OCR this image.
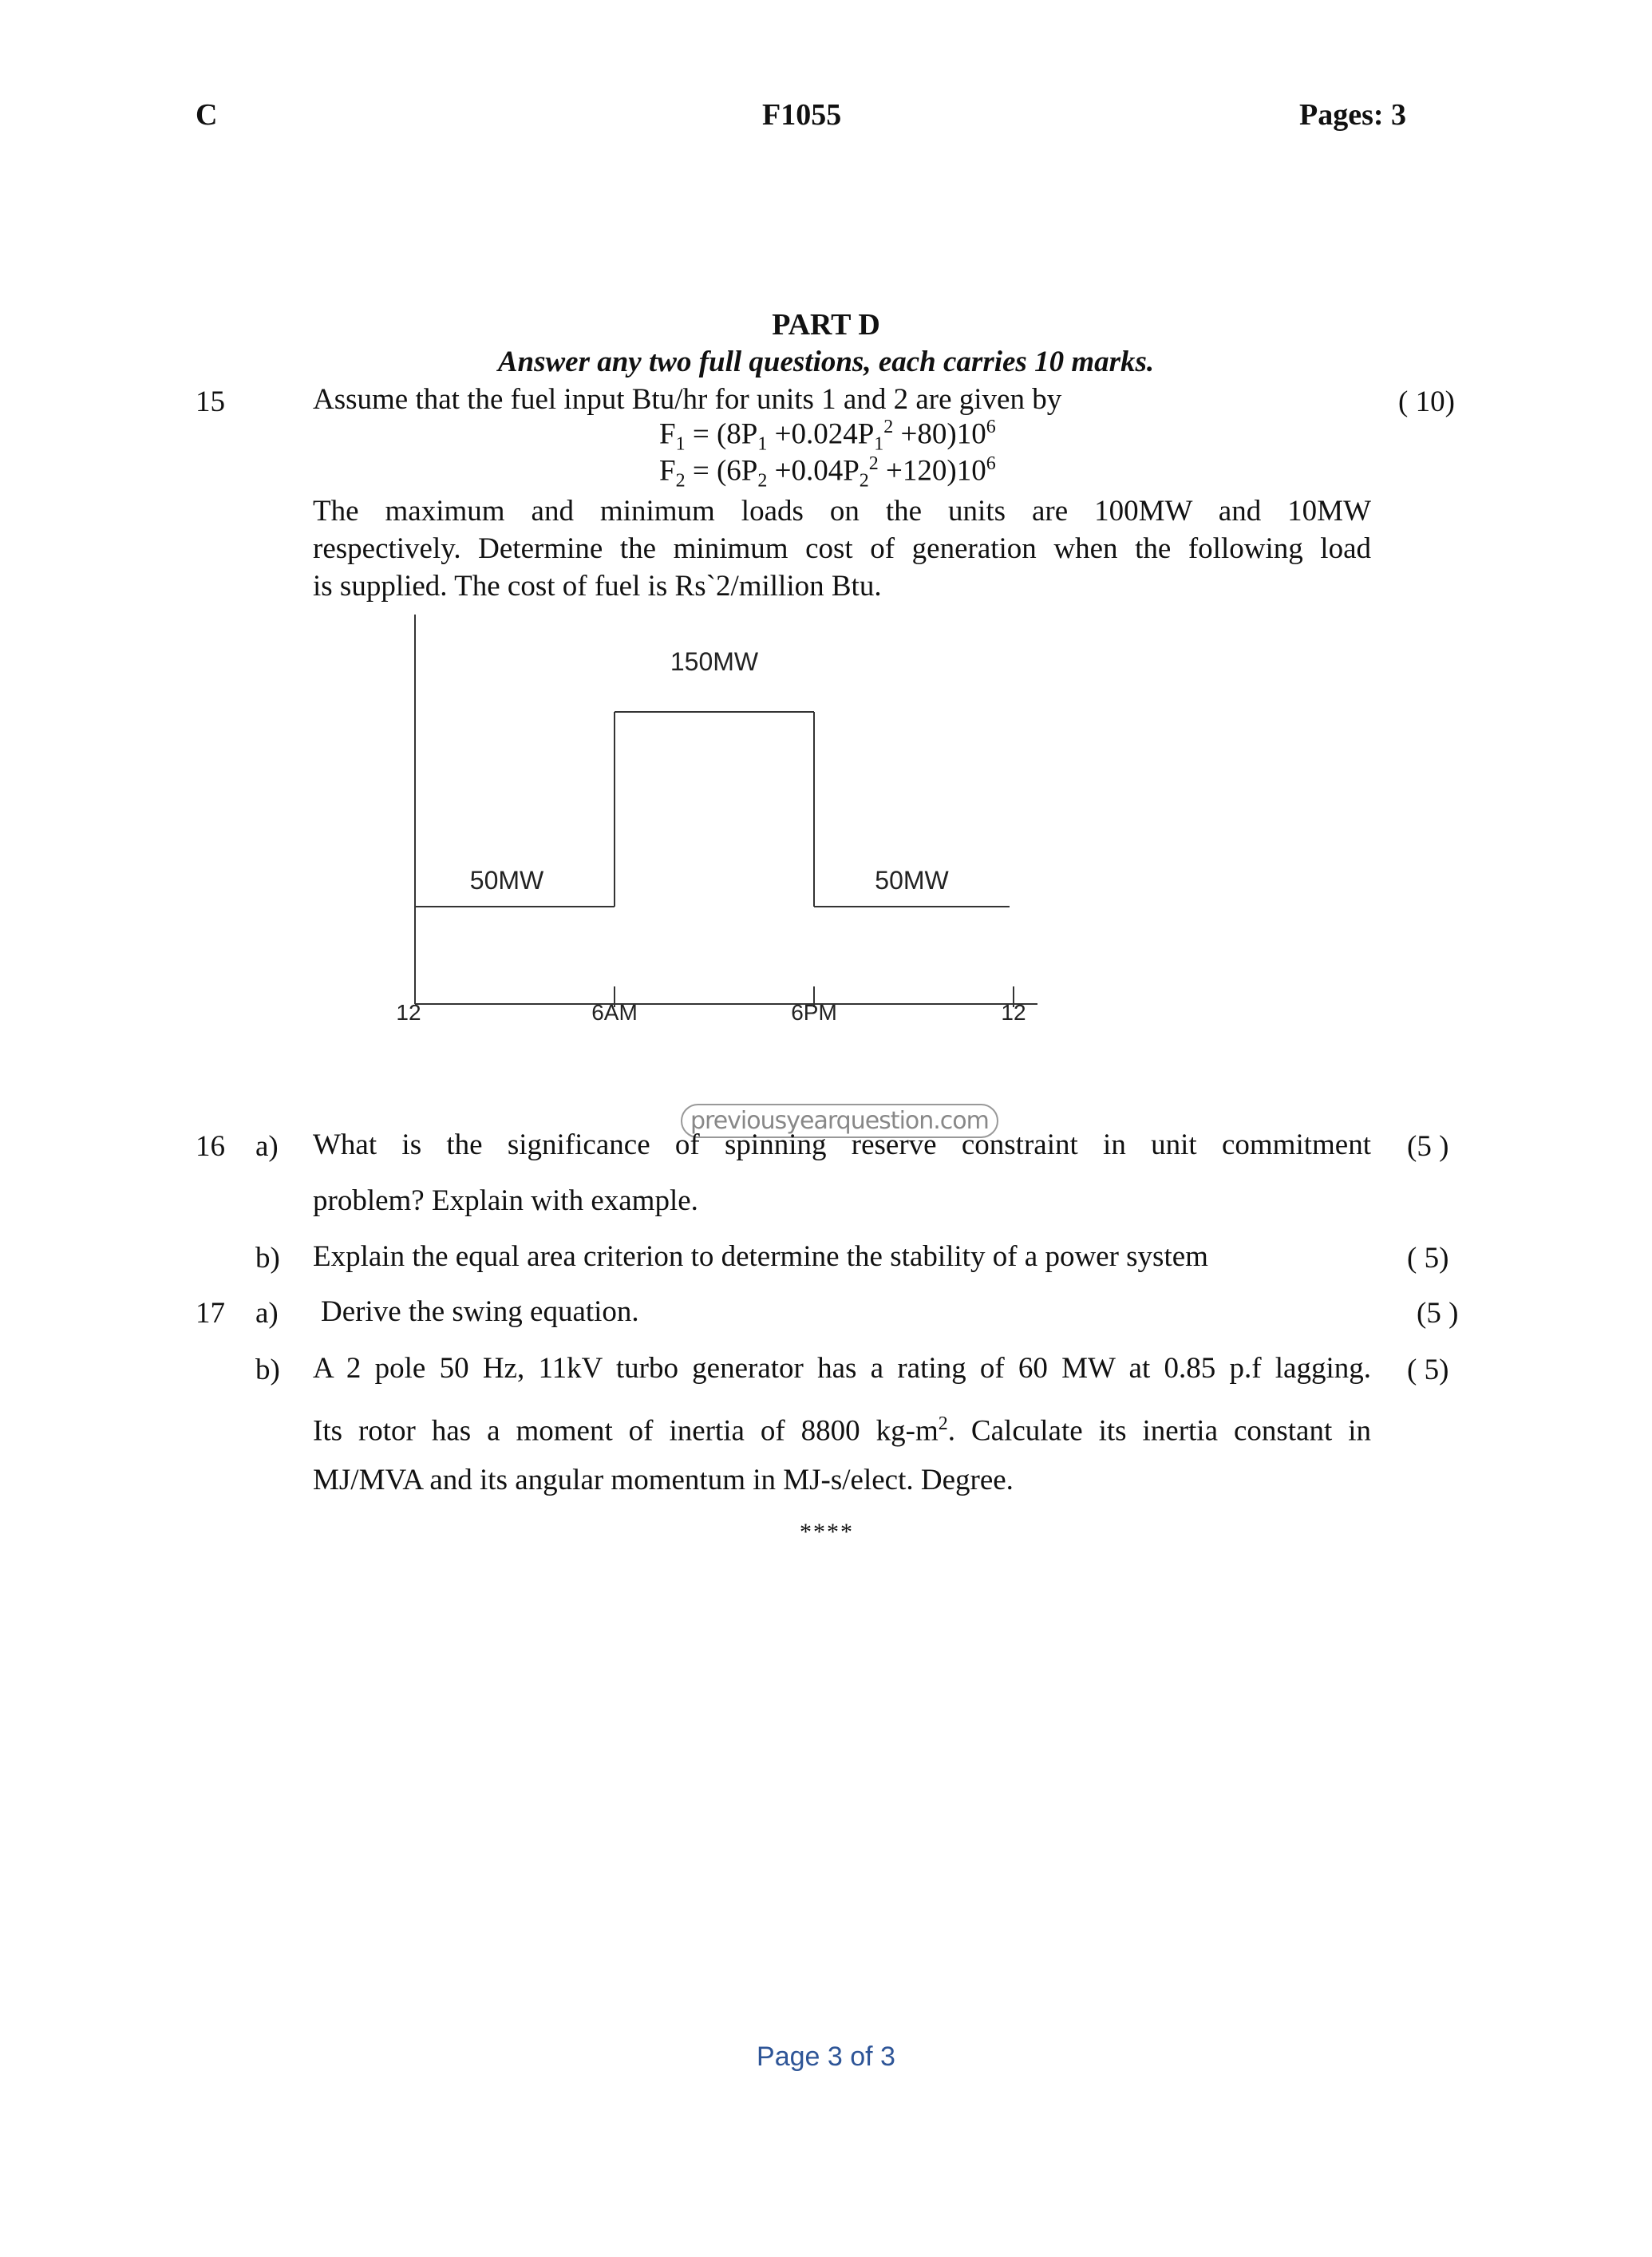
C	F1055	Pages: 3
PART D
Answer any two full questions, each carries 10 marks.
15	Assume that the fuel input Btu/hr for units 1 and 2 are given by	( 10)
$F_1 = (8P_1 +0.024P_1^2 +80)10^6$
$F_2 = (6P_2 +0.04P_2^2 +120)10^6$
The maximum and minimum loads on the units are 100MW and 10MW
respectively. Determine the minimum cost of generation when the following load
is supplied. The cost of fuel is Rs`2/million Btu.
12	6AM	6PM	12
50MW
150MW
50MW
previousyearquestion.com
16 a) What is the significance of spinning reserve constraint in unit commitment (5 )
problem? Explain with example.
b) Explain the equal area criterion to determine the stability of a power system	( 5)
17 a) Derive the swing equation.	(5 )
b) A 2 pole 50 Hz, 11kV turbo generator has a rating of 60 MW at 0.85 p.f lagging. ( 5)
Its rotor has a moment of inertia of 8800 $kg-m^2$. Calculate its inertia constant in
MJ/MVA and its angular momentum in MJ-s/elect. Degree.
****
Page 3 of 3
